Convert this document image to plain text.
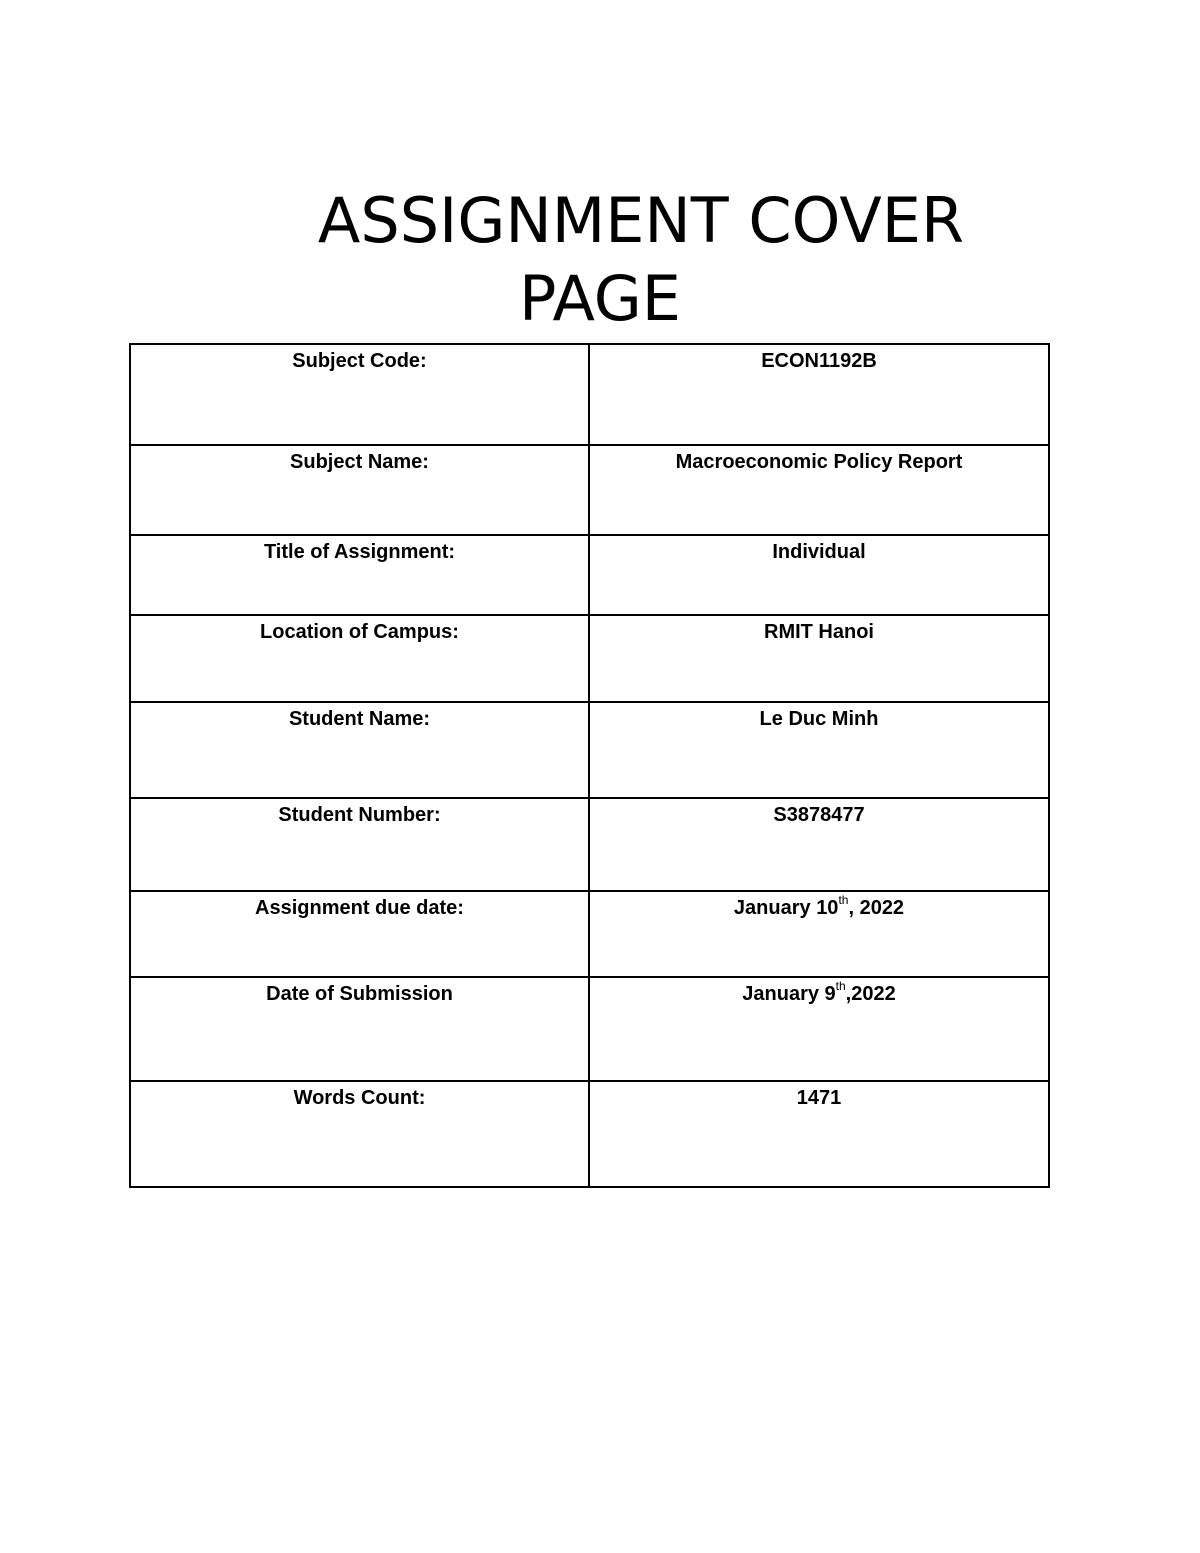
ASSIGNMENT COVER
PAGE
Subject Code:	ECON1192B
Subject Name:	Macroeconomic Policy Report
Title of Assignment:	Individual
Location of Campus:	RMIT Hanoi
Student Name:	Le Duc Minh
Student Number:	S3878477
Assignment due date:	January 10th, 2022
Date of Submission	January 9th,2022
Words Count:	1471
